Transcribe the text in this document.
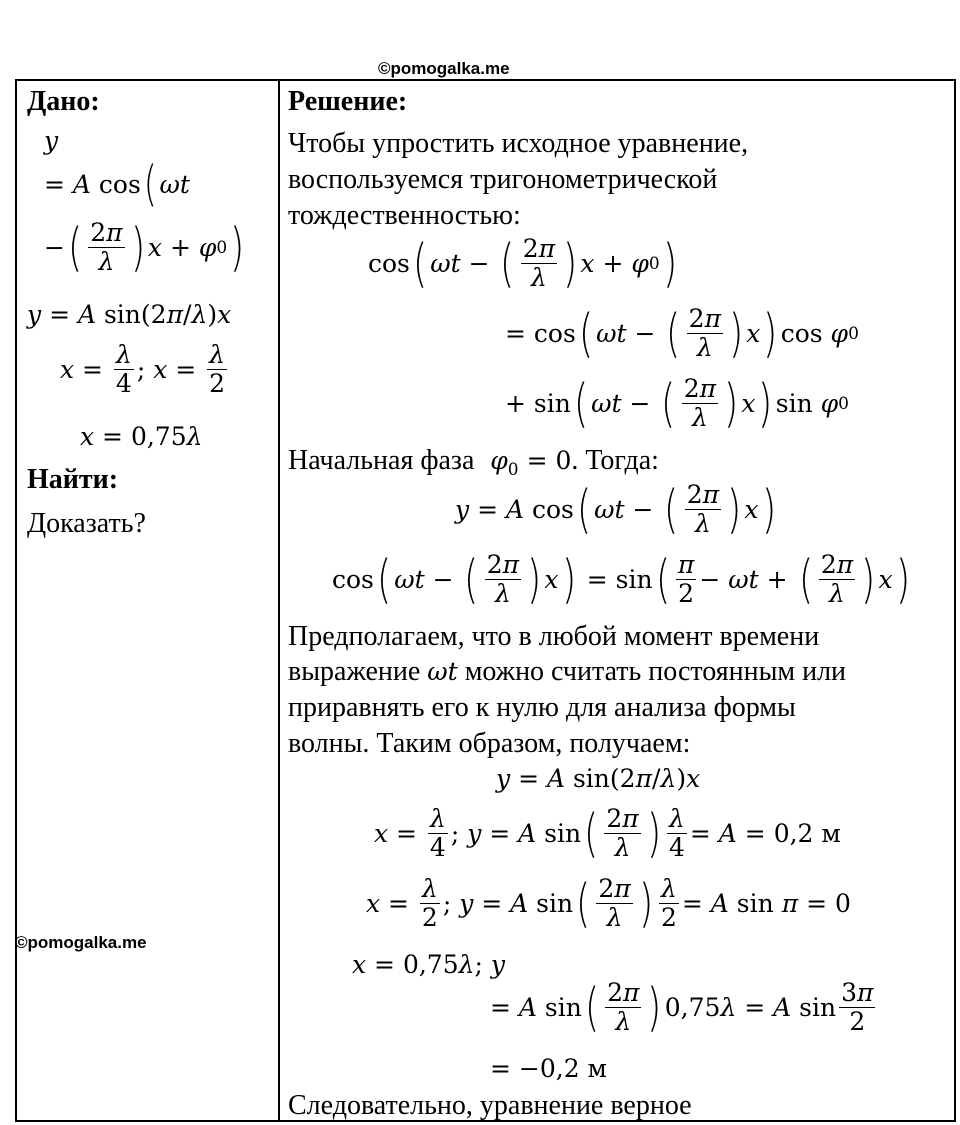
©pomogalka.me
Дано:
y
= A cos ( ωt
− ( $\frac{2\pi}{\lambda}$ ) x + φ 0 )
y = A sin(2 π / λ ) x
$x = \frac{\lambda}{4}$ ; $x = \frac{\lambda}{2}$
x = 0,75 λ
Найти:
Доказать?
©pomogalka.me
Решение:
Чтобы упростить исходное уравнение,
воспользуемся тригонометрической
тождественностью:
cos ( ωt − ( $\frac{2\pi}{\lambda}$ ) x + φ 0 )
= cos ( ωt − ( $\frac{2\pi}{\lambda}$ ) x ) cos φ 0
+ sin ( ωt − ( $\frac{2\pi}{\lambda}$ ) x ) sin φ 0
Начальная фаза $\varphi_0 = 0$. Тогда:
y = A cos ( ωt − ( $\frac{2\pi}{\lambda}$ ) x )
cos ( ωt − ( $\frac{2\pi}{\lambda}$ ) x ) = sin ( $\frac{\pi}{2} - \omega t$ + ( $\frac{2\pi}{\lambda}$ ) x )
Предполагаем, что в любой момент времени
выражение ωt можно считать постоянным или
приравнять его к нулю для анализа формы
волны. Таким образом, получаем:
y = A sin(2 π / λ ) x
$x = \frac{\lambda}{4}$ ; y = A sin ( $\frac{2\pi}{\lambda}$ ) $\frac{\lambda}{4} = A = 0,2$ м
$x = \frac{\lambda}{2}$ ; y = A sin ( $\frac{2\pi}{\lambda}$ ) $\frac{\lambda}{2} = A$ sin π = 0
x = 0,75 λ ; y
= A sin ( $\frac{2\pi}{\lambda}$ ) 0,75 λ = A $\sin \frac{3\pi}{2}$
= −0,2 м
Следовательно, уравнение верное
